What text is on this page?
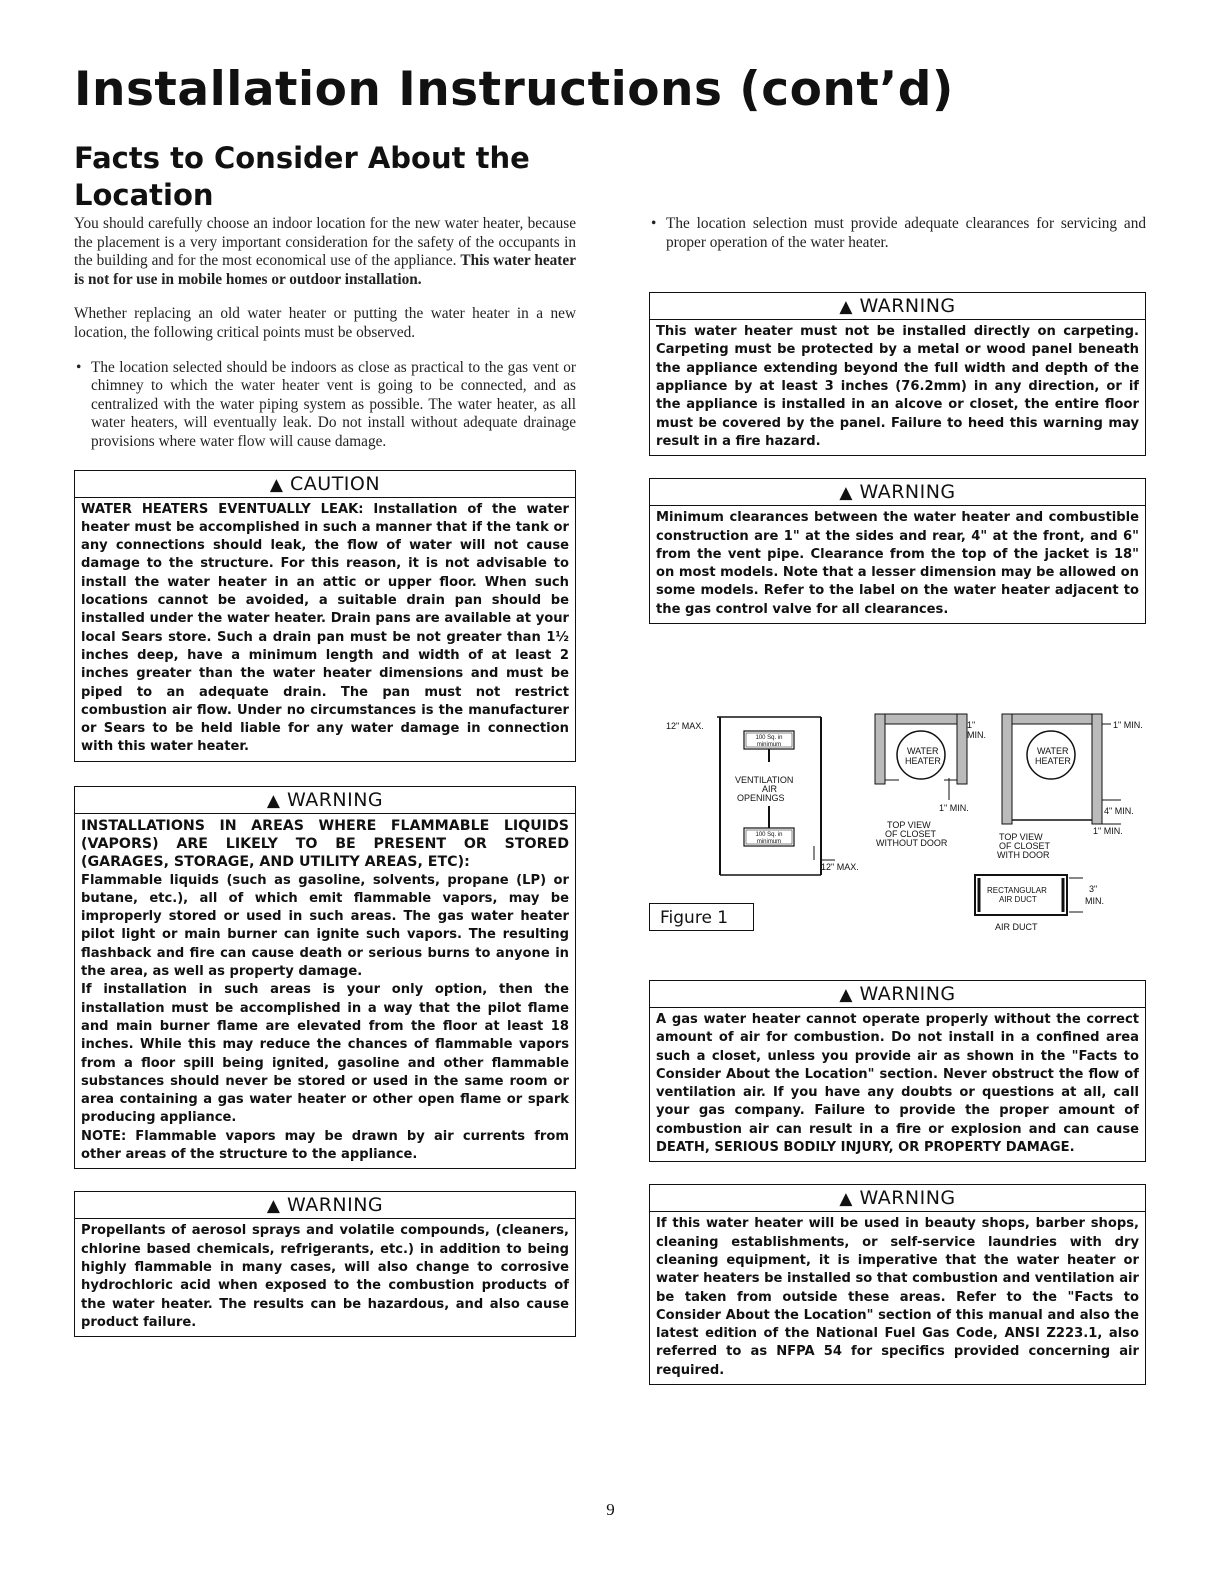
Installation Instructions (cont’d)
Facts to Consider About the Location

You should carefully choose an indoor location for the new water heater, because the placement is a very important consideration for the safety of the occupants in the building and for the most economical use of the appliance. This water heater is not for use in mobile homes or outdoor installation.

Whether replacing an old water heater or putting the water heater in a new location, the following critical points must be observed.

• The location selected should be indoors as close as practical to the gas vent or chimney to which the water heater vent is going to be connected, and as centralized with the water piping system as possible. The water heater, as all water heaters, will eventually leak. Do not install without adequate drainage provisions where water flow will cause damage.
▲ CAUTION

WATER HEATERS EVENTUALLY LEAK: Installation of the water heater must be accomplished in such a manner that if the tank or any connections should leak, the flow of water will not cause damage to the structure. For this reason, it is not advisable to install the water heater in an attic or upper floor. When such locations cannot be avoided, a suitable drain pan should be installed under the water heater. Drain pans are available at your local Sears store. Such a drain pan must be not greater than 1½ inches deep, have a minimum length and width of at least 2 inches greater than the water heater dimensions and must be piped to an adequate drain. The pan must not restrict combustion air flow. Under no circumstances is the manufacturer or Sears to be held liable for any water damage in connection with this water heater.

▲ WARNING

INSTALLATIONS IN AREAS WHERE FLAMMABLE LIQUIDS (VAPORS) ARE LIKELY TO BE PRESENT OR STORED (GARAGES, STORAGE, AND UTILITY AREAS, ETC):

Flammable liquids (such as gasoline, solvents, propane (LP) or butane, etc.), all of which emit flammable vapors, may be improperly stored or used in such areas. The gas water heater pilot light or main burner can ignite such vapors. The resulting flashback and fire can cause death or serious burns to anyone in the area, as well as property damage.

If installation in such areas is your only option, then the installation must be accomplished in a way that the pilot flame and main burner flame are elevated from the floor at least 18 inches. While this may reduce the chances of flammable vapors from a floor spill being ignited, gasoline and other flammable substances should never be stored or used in the same room or area containing a gas water heater or other open flame or spark producing appliance.

NOTE: Flammable vapors may be drawn by air currents from other areas of the structure to the appliance.

▲ WARNING

Propellants of aerosol sprays and volatile compounds, (cleaners, chlorine based chemicals, refrigerants, etc.) in addition to being highly flammable in many cases, will also change to corrosive hydrochloric acid when exposed to the combustion products of the water heater. The results can be hazardous, and also cause product failure.

• The location selection must provide adequate clearances for servicing and proper operation of the water heater.
▲ WARNING

This water heater must not be installed directly on carpeting. Carpeting must be protected by a metal or wood panel beneath the appliance extending beyond the full width and depth of the appliance by at least 3 inches (76.2mm) in any direction, or if the appliance is installed in an alcove or closet, the entire floor must be covered by the panel. Failure to heed this warning may result in a fire hazard.

▲ WARNING

Minimum clearances between the water heater and combustible construction are 1" at the sides and rear, 4" at the front, and 6" from the vent pipe. Clearance from the top of the jacket is 18" on most models. Note that a lesser dimension may be allowed on some models. Refer to the label on the water heater adjacent to the gas control valve for all clearances.

12" MAX.
100 Sq. in minimum
VENTILATION
AIR
OPENINGS
100 Sq. in minimum
12" MAX.
WATER
HEATER
1"
MIN.
1" MIN.
TOP VIEW
OF CLOSET
WITHOUT DOOR
WATER
HEATER
1" MIN.
4" MIN.
1" MIN.
TOP VIEW
OF CLOSET
WITH DOOR
RECTANGULAR
AIR DUCT
3"
MIN.
AIR DUCT
Figure 1
▲ WARNING

A gas water heater cannot operate properly without the correct amount of air for combustion. Do not install in a confined area such a closet, unless you provide air as shown in the "Facts to Consider About the Location" section. Never obstruct the flow of ventilation air. If you have any doubts or questions at all, call your gas company. Failure to provide the proper amount of combustion air can result in a fire or explosion and can cause DEATH, SERIOUS BODILY INJURY, OR PROPERTY DAMAGE.

▲ WARNING

If this water heater will be used in beauty shops, barber shops, cleaning establishments, or self-service laundries with dry cleaning equipment, it is imperative that the water heater or water heaters be installed so that combustion and ventilation air be taken from outside these areas. Refer to the "Facts to Consider About the Location" section of this manual and also the latest edition of the National Fuel Gas Code, ANSI Z223.1, also referred to as NFPA 54 for specifics provided concerning air required.

9
